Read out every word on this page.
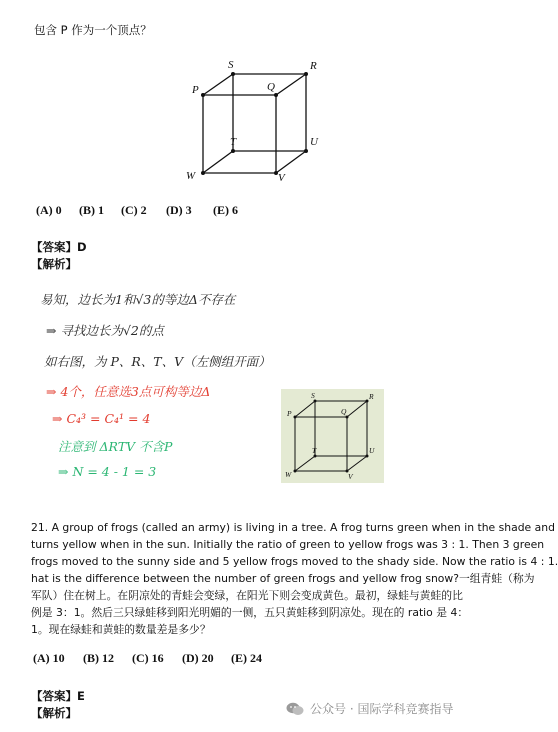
包含 P 作为一个顶点？
S	R
P	Q
T	U
W	V
(A) 0 (B) 1 (C) 2 (D) 3 (E) 6
【答案】D
【解析】
易知，边长为1和√3的等边Δ不存在
⇒ 寻找边长为√2的点
如右图，为 P、R、T、V（左侧组开面）
⇒ 4个，任意选3点可构等边Δ
⇒ C₄³ = C₄¹ = 4
注意到 ΔRTV 不含P
⇒ N = 4 - 1 = 3
S	R
P	Q
T	U
W	V
21. A group of frogs (called an army) is living in a tree. A frog turns green when in the shade and
turns yellow when in the sun. Initially the ratio of green to yellow frogs was 3 : 1. Then 3 green
frogs moved to the sunny side and 5 yellow frogs moved to the shady side. Now the ratio is 4 : 1.
hat is the difference between the number of green frogs and yellow frog snow?一组青蛙（称为
军队）住在树上。在阴凉处的青蛙会变绿，在阳光下则会变成黄色。最初，绿蛙与黄蛙的比
例是 3：1。然后三只绿蛙移到阳光明媚的一侧，五只黄蛙移到阴凉处。现在的 ratio 是 4：
1。现在绿蛙和黄蛙的数量差是多少？
(A) 10 (B) 12 (C) 16 (D) 20 (E) 24
【答案】E
【解析】	公众号 · 国际学科竞赛指导
